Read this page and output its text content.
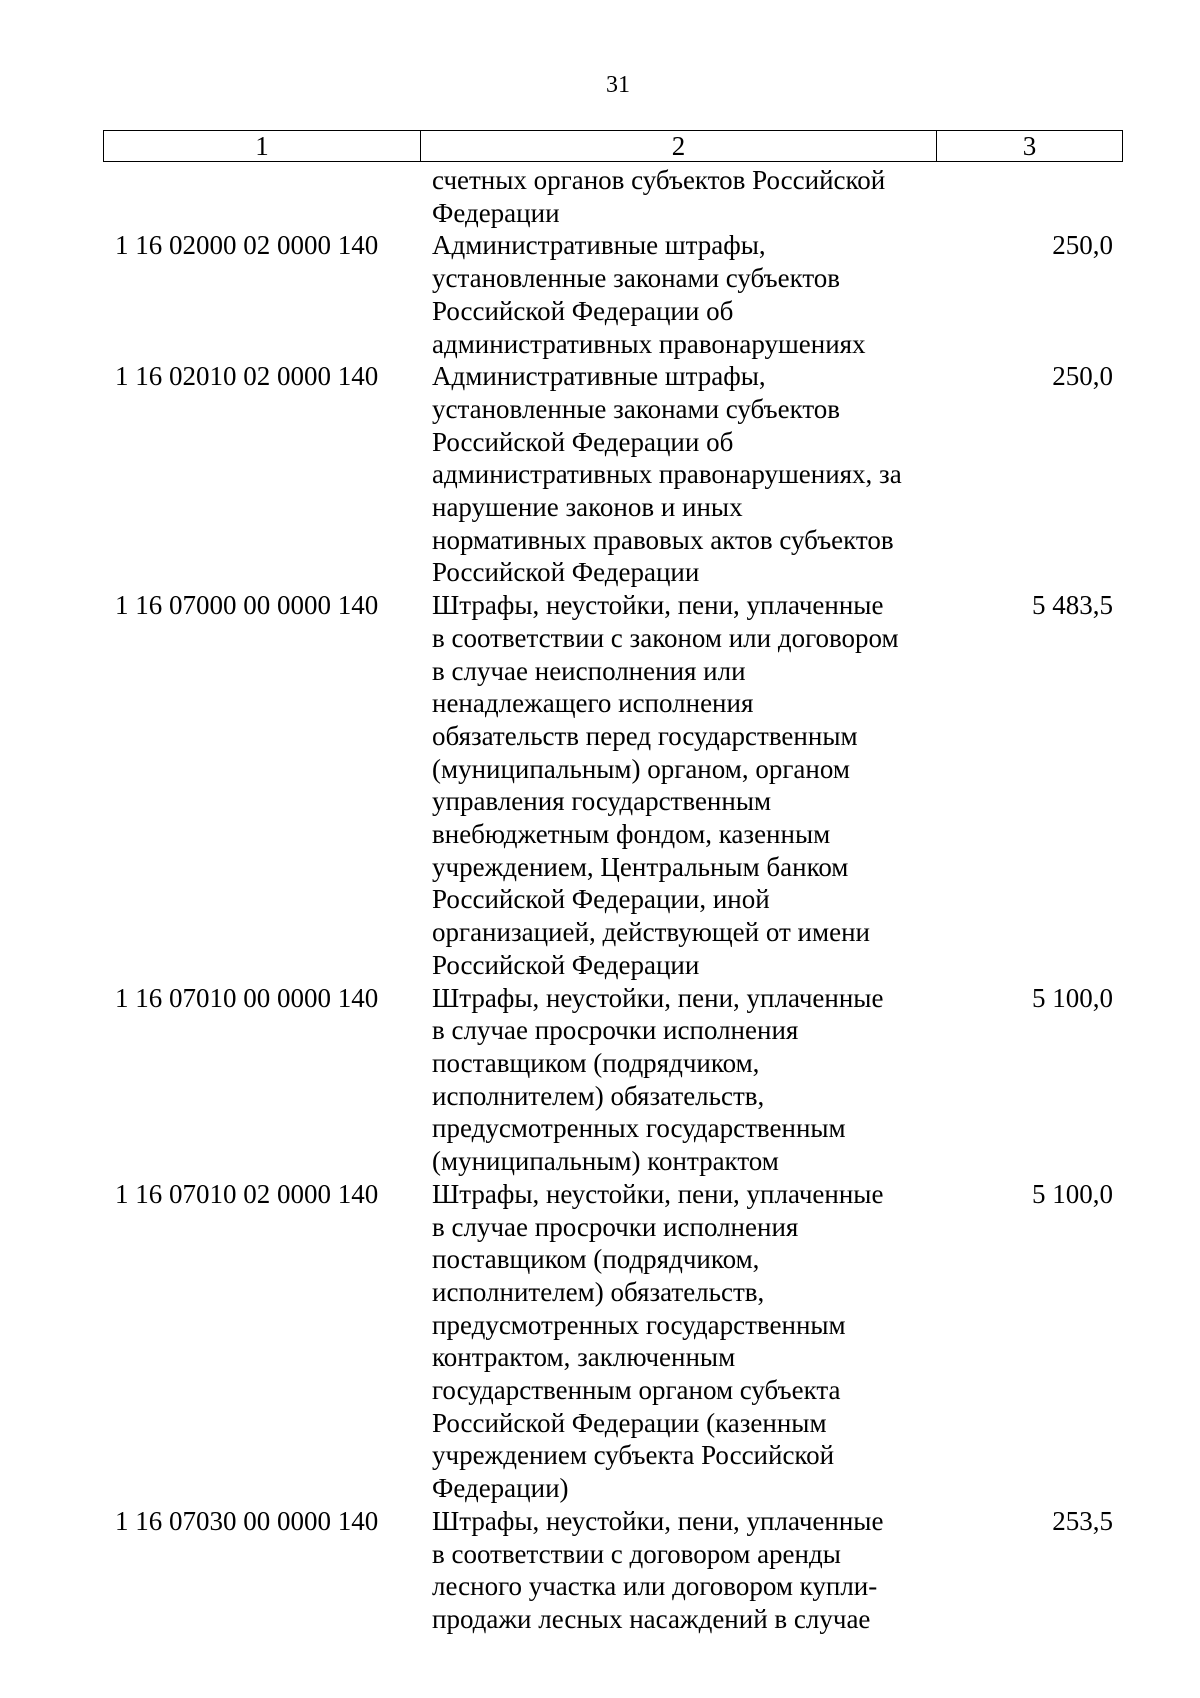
31
1	2	3
счетных органов субъектов Российской
Федерации
1 16 02000 02 0000 140 Административные штрафы,
установленные законами субъектов
Российской Федерации об
административных правонарушениях
250,0
1 16 02010 02 0000 140 Административные штрафы,
установленные законами субъектов
Российской Федерации об
административных правонарушениях, за
нарушение законов и иных
нормативных правовых актов субъектов
Российской Федерации
250,0
1 16 07000 00 0000 140 Штрафы, неустойки, пени, уплаченные
в соответствии с законом или договором
в случае неисполнения или
ненадлежащего исполнения
обязательств перед государственным
(муниципальным) органом, органом
управления государственным
внебюджетным фондом, казенным
учреждением, Центральным банком
Российской Федерации, иной
организацией, действующей от имени
Российской Федерации
5 483,5
1 16 07010 00 0000 140 Штрафы, неустойки, пени, уплаченные
в случае просрочки исполнения
поставщиком (подрядчиком,
исполнителем) обязательств,
предусмотренных государственным
(муниципальным) контрактом
5 100,0
1 16 07010 02 0000 140 Штрафы, неустойки, пени, уплаченные
в случае просрочки исполнения
поставщиком (подрядчиком,
исполнителем) обязательств,
предусмотренных государственным
контрактом, заключенным
государственным органом субъекта
Российской Федерации (казенным
учреждением субъекта Российской
Федерации)
5 100,0
1 16 07030 00 0000 140 Штрафы, неустойки, пени, уплаченные
в соответствии с договором аренды
лесного участка или договором купли-
продажи лесных насаждений в случае
253,5
